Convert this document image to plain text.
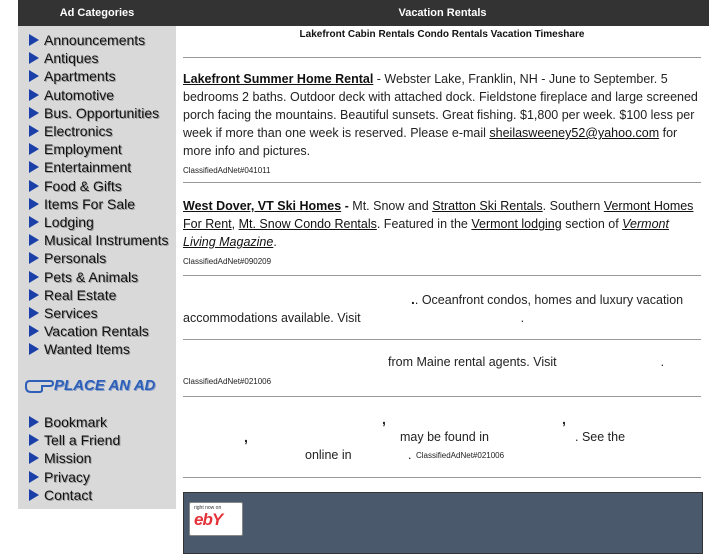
Ad Categories	Vacation Rentals
Announcements
Antiques
Apartments
Automotive
Bus. Opportunities
Electronics
Employment
Entertainment
Food & Gifts
Items For Sale
Lodging
Musical Instruments
Personals
Pets & Animals
Real Estate
Services
Vacation Rentals
Wanted Items
PLACE AN AD
Bookmark
Tell a Friend
Mission
Privacy
Contact
Lakefront Cabin Rentals Condo Rentals Vacation Timeshare
Lakefront Summer Home Rental - Webster Lake, Franklin, NH - June to September. 5 bedrooms 2 baths. Outdoor deck with attached dock. Fieldstone fireplace and large screened porch facing the mountains. Beautiful sunsets. Great fishing. $1,800 per week. $100 less per week if more than one week is reserved. Please e-mail sheilasweeney52@yahoo.com for more info and pictures.
ClassifiedAdNet#041011
West Dover, VT Ski Homes - Mt. Snow and Stratton Ski Rentals. Southern Vermont Homes For Rent, Mt. Snow Condo Rentals. Featured in the Vermont lodging section of Vermont Living Magazine.
ClassifiedAdNet#090209
.. Oceanfront condos, homes and luxury vacation accommodations available. Visit	.
from Maine rental agents. Visit	.
ClassifiedAdNet#021006
,	,
,	may be found in	. See the
online in	. ClassifiedAdNet#021006
right now on
ebY
